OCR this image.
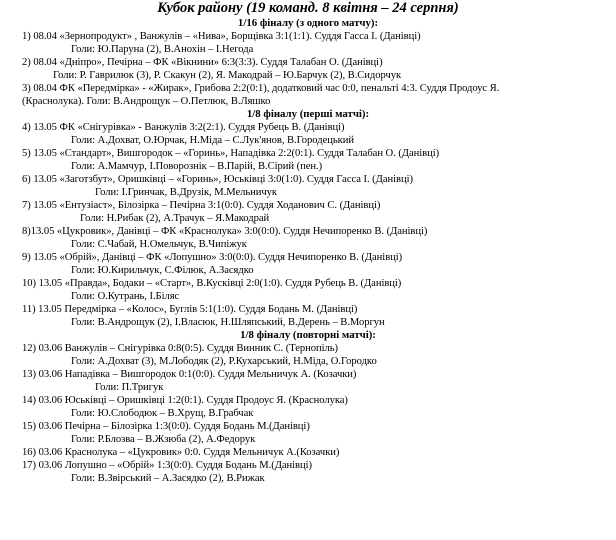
Кубок району (19 команд. 8 квітня – 24 серпня)
1/16 фіналу (з одного матчу):
1) 08.04 «Зернопродукт» , Ванжулів – «Нива», Борщівка 3:1(1:1). Суддя Гасса І. (Данівці)
Голи: Ю.Паруна (2), В.Анохін – І.Негода
2) 08.04 «Дніпро», Печірна – ФК «Вікнини» 6:3(3:3). Суддя Талабан О. (Данівці)
Голи: Р. Гаврилюк (3), Р. Скакун (2), Я. Макодрай – Ю.Барчук (2), В.Сидорчук
3) 08.04 ФК «Передмірка» - «Жирак», Грибова 2:2(0:1), додатковий час 0:0, пенальті 4:3. Суддя Продоус Я.
(Краснолука). Голи: В.Андрощук – О.Петлюк, В.Ляшко
1/8 фіналу (перші матчі):
4) 13.05 ФК «Снігурівка» - Ванжулів 3:2(2:1). Суддя Рубець В. (Данівці)
Голи: А.Дохват, О.Юрчак, Н.Міда – С.Лук'янов, В.Городецький
5) 13.05 «Стандарт», Вишгородок – «Горинь», Нападівка 2:2(0:1). Суддя Талабан О. (Данівці)
Голи: А.Мамчур, І.Поворознік – В.Парій, В.Сірий (пен.)
6) 13.05 «Заготзбут», Оришківці – «Горинь», Юськівці 3:0(1:0). Суддя Гасса І. (Данівці)
Голи: І.Гринчак, В.Друзік, М.Мельничук
7) 13.05 «Ентузіаст», Білозірка – Печірна 3:1(0:0). Суддя Ходанович С. (Данівці)
Голи: Н.Рибак (2), А.Трачук – Я.Макодрай
8)13.05 «Цукровик», Данівці – ФК «Краснолука» 3:0(0:0). Суддя Нечипоренко В. (Данівці)
Голи: С.Чабай, Н.Омельчук, В.Чипіжук
9) 13.05 «Обрій», Данівці – ФК «Лопушно» 3:0(0:0). Суддя Нечипоренко В. (Данівці)
Голи: Ю.Кирильчук, С.Філюк, А.Засядко
10) 13.05 «Правда», Бодаки – «Старт», В.Кусківці 2:0(1:0). Суддя Рубець В. (Данівці)
Голи: О.Кутрань, І.Біляс
11) 13.05 Передмірка – «Колос», Буглів 5:1(1:0). Суддя Бодань М. (Данівці)
Голи: В.Андрощук (2), І.Власюк, Н.Шляпський, В.Дерень – В.Моргун
1/8 фіналу (повторні матчі):
12) 03.06 Ванжулів – Снігурівка 0:8(0:5). Суддя Винник С. (Тернопіль)
Голи: А.Дохват (3), М.Лободяк (2), Р.Кухарський, Н.Міда, О.Городко
13) 03.06 Нападівка – Вишгородок 0:1(0:0). Суддя Мельничук А. (Козачки)
Голи: П.Тригук
14) 03.06 Юськівці – Оришківці 1:2(0:1). Суддя Продоус Я. (Краснолука)
Голи: Ю.Слободюк – В.Хрущ, В.Грабчак
15) 03.06 Печірна – Білозірка 1:3(0:0). Суддя Бодань М.(Данівці)
Голи: Р.Блозва – В.Жзюба (2), А.Федорук
16) 03.06 Краснолука – «Цукровик» 0:0. Суддя Мельничук А.(Козачки)
17) 03.06 Лопушно – «Обрій» 1:3(0:0). Суддя Бодань М.(Данівці)
Голи: В.Звірський – А.Засядко (2), В.Рижак
